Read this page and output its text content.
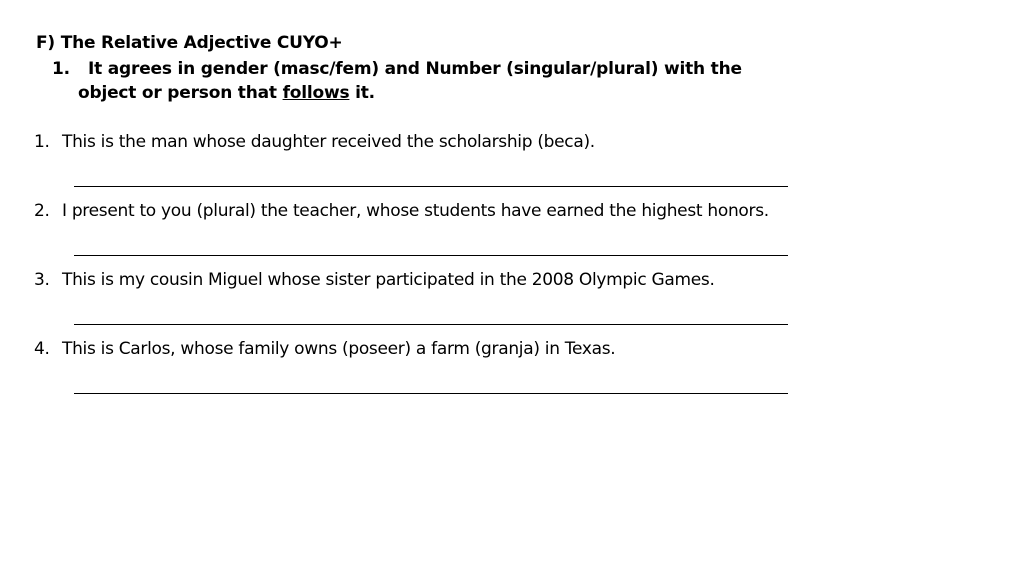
F) The Relative Adjective CUYO+
1.	It agrees in gender (masc/fem) and Number (singular/plural) with the
object or person that follows it.
1. This is the man whose daughter received the scholarship (beca).
2. I present to you (plural) the teacher, whose students have earned the highest honors.
3. This is my cousin Miguel whose sister participated in the 2008 Olympic Games.
4. This is Carlos, whose family owns (poseer) a farm (granja) in Texas.
